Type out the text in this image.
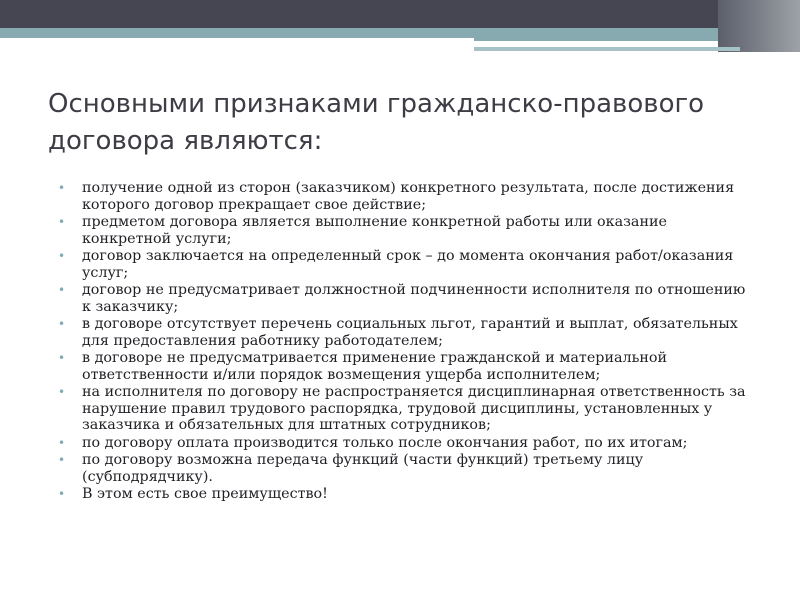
Основными признаками гражданско-правового
договора являются:
• получение одной из сторон (заказчиком) конкретного результата, после достижения которого договор прекращает свое действие;
• предметом договора является выполнение конкретной работы или оказание конкретной услуги;
• договор заключается на определенный срок – до момента окончания работ/оказания услуг;
• договор не предусматривает должностной подчиненности исполнителя по отношению к заказчику;
• в договоре отсутствует перечень социальных льгот, гарантий и выплат, обязательных для предоставления работнику работодателем;
• в договоре не предусматривается применение гражданской и материальной ответственности и/или порядок возмещения ущерба исполнителем;
• на исполнителя по договору не распространяется дисциплинарная ответственность за нарушение правил трудового распорядка, трудовой дисциплины, установленных у заказчика и обязательных для штатных сотрудников;
• по договору оплата производится только после окончания работ, по их итогам;
• по договору возможна передача функций (части функций) третьему лицу (субподрядчику).
• В этом есть свое преимущество!
